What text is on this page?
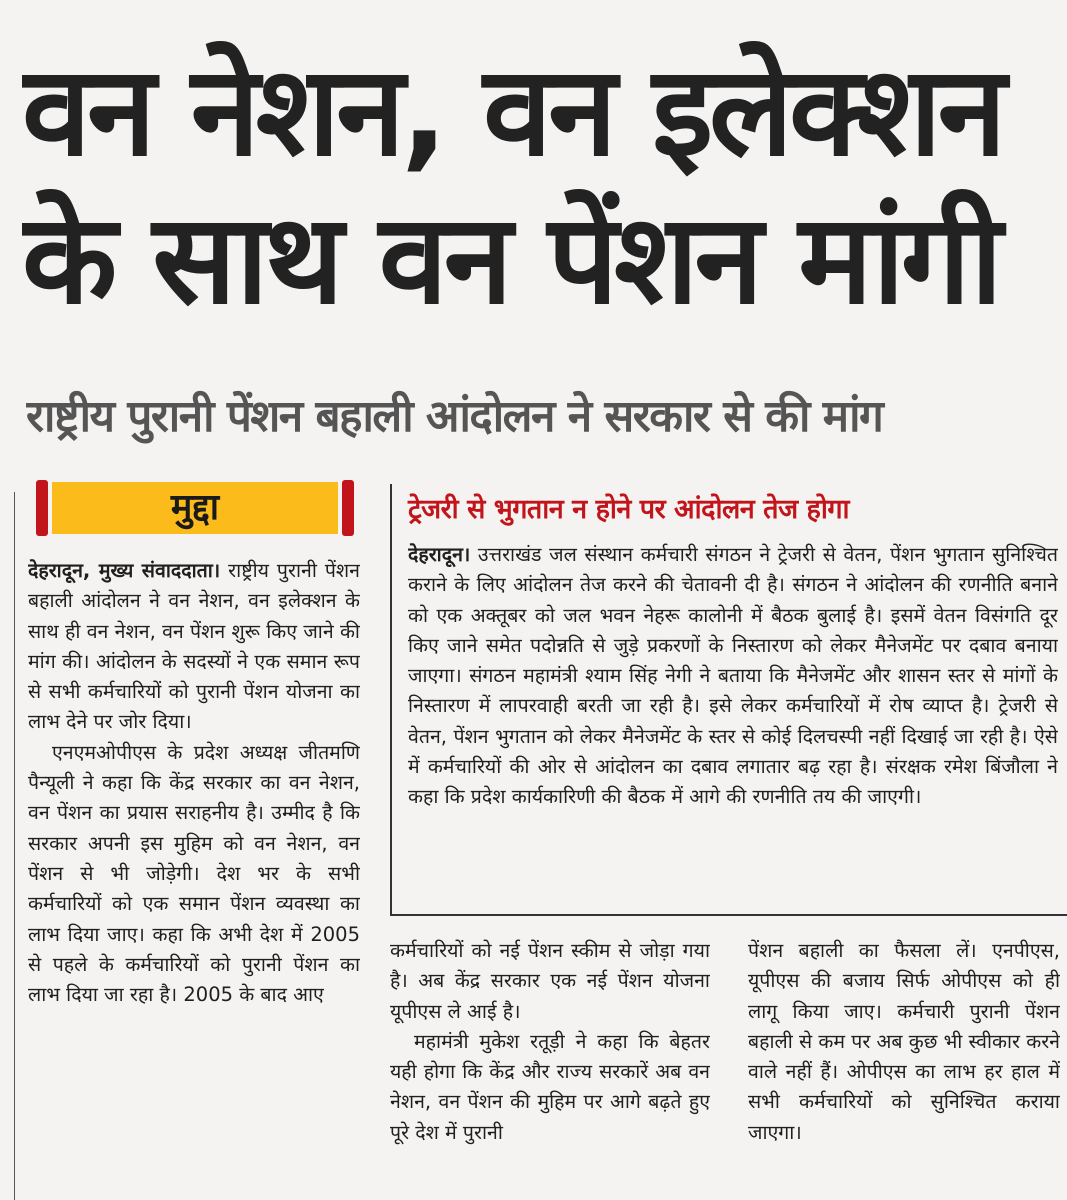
वन नेशन, वन इलेक्शन
के साथ वन पेंशन मांगी
राष्ट्रीय पुरानी पेंशन बहाली आंदोलन ने सरकार से की मांग
मुद्दा

देहरादून, मुख्य संवाददाता। राष्ट्रीय पुरानी पेंशन बहाली आंदोलन ने वन नेशन, वन इलेक्शन के साथ ही वन नेशन, वन पेंशन शुरू किए जाने की मांग की। आंदोलन के सदस्यों ने एक समान रूप से सभी कर्मचारियों को पुरानी पेंशन योजना का लाभ देने पर जोर दिया।

एनएमओपीएस के प्रदेश अध्यक्ष जीतमणि पैन्यूली ने कहा कि केंद्र सरकार का वन नेशन, वन पेंशन का प्रयास सराहनीय है। उम्मीद है कि सरकार अपनी इस मुहिम को वन नेशन, वन पेंशन से भी जोड़ेगी। देश भर के सभी कर्मचारियों को एक समान पेंशन व्यवस्था का लाभ दिया जाए। कहा कि अभी देश में 2005 से पहले के कर्मचारियों को पुरानी पेंशन का लाभ दिया जा रहा है। 2005 के बाद आए

ट्रेजरी से भुगतान न होने पर आंदोलन तेज होगा

देहरादून। उत्तराखंड जल संस्थान कर्मचारी संगठन ने ट्रेजरी से वेतन, पेंशन भुगतान सुनिश्चित कराने के लिए आंदोलन तेज करने की चेतावनी दी है। संगठन ने आंदोलन की रणनीति बनाने को एक अक्तूबर को जल भवन नेहरू कालोनी में बैठक बुलाई है। इसमें वेतन विसंगति दूर किए जाने समेत पदोन्नति से जुड़े प्रकरणों के निस्तारण को लेकर मैनेजमेंट पर दबाव बनाया जाएगा। संगठन महामंत्री श्याम सिंह नेगी ने बताया कि मैनेजमेंट और शासन स्तर से मांगों के निस्तारण में लापरवाही बरती जा रही है। इसे लेकर कर्मचारियों में रोष व्याप्त है। ट्रेजरी से वेतन, पेंशन भुगतान को लेकर मैनेजमेंट के स्तर से कोई दिलचस्पी नहीं दिखाई जा रही है। ऐसे में कर्मचारियों की ओर से आंदोलन का दबाव लगातार बढ़ रहा है। संरक्षक रमेश बिंजौला ने कहा कि प्रदेश कार्यकारिणी की बैठक में आगे की रणनीति तय की जाएगी।

कर्मचारियों को नई पेंशन स्कीम से जोड़ा गया है। अब केंद्र सरकार एक नई पेंशन योजना यूपीएस ले आई है।

महामंत्री मुकेश रतूड़ी ने कहा कि बेहतर यही होगा कि केंद्र और राज्य सरकारें अब वन नेशन, वन पेंशन की मुहिम पर आगे बढ़ते हुए पूरे देश में पुरानी

पेंशन बहाली का फैसला लें। एनपीएस, यूपीएस की बजाय सिर्फ ओपीएस को ही लागू किया जाए। कर्मचारी पुरानी पेंशन बहाली से कम पर अब कुछ भी स्वीकार करने वाले नहीं हैं। ओपीएस का लाभ हर हाल में सभी कर्मचारियों को सुनिश्चित कराया जाएगा।
